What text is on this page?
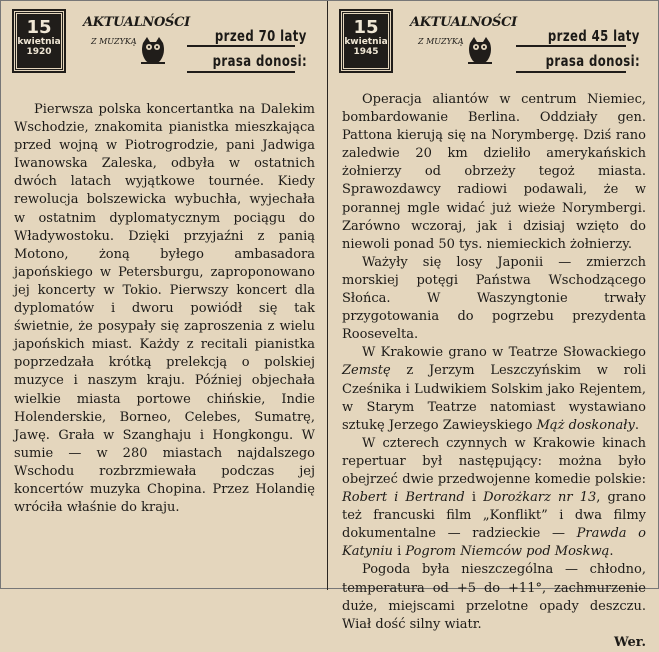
15
kwietnia
1920
AKTUALNOŚCI
Z MUZYKĄ	przed 70 laty
prasa donosi:

Pierwsza polska koncertantka na Dalekim Wschodzie, znakomita pianistka mieszkająca przed wojną w Piotrogrodzie, pani Jadwiga Iwanowska Zaleska, odbyła w ostatnich dwóch latach wyjątkowe tournée. Kiedy rewolucja bolszewicka wybuchła, wyjechała w ostatnim dyplomatycznym pociągu do Władywostoku. Dzięki przyjaźni z panią Motono, żoną byłego ambasadora japońskiego w Petersburgu, zaproponowano jej koncerty w Tokio. Pierwszy koncert dla dyplomatów i dworu powiódł się tak świetnie, że posypały się zaproszenia z wielu japońskich miast. Każdy z recitali pianistka poprzedzała krótką prelekcją o polskiej muzyce i naszym kraju. Później objechała wielkie miasta portowe chińskie, Indie Holenderskie, Borneo, Celebes, Sumatrę, Jawę. Grała w Szanghaju i Hongkongu. W sumie — w 280 miastach najdalszego Wschodu rozbrzmiewała podczas jej koncertów muzyka Chopina. Przez Holandię wróciła właśnie do kraju.

15
kwietnia
1945
AKTUALNOŚCI
Z MUZYKĄ	przed 45 laty
prasa donosi:

Operacja aliantów w centrum Niemiec, bombardowanie Berlina. Oddziały gen. Pattona kierują się na Norymbergę. Dziś rano zaledwie 20 km dzieliło amerykańskich żołnierzy od obrzeży tegoż miasta. Sprawozdawcy radiowi podawali, że w porannej mgle widać już wieże Norymbergi. Zarówno wczoraj, jak i dzisiaj wzięto do niewoli ponad 50 tys. niemieckich żołnierzy.

Ważyły się losy Japonii — zmierzch morskiej potęgi Państwa Wschodzącego Słońca. W Waszyngtonie trwały przygotowania do pogrzebu prezydenta Roosevelta.

W Krakowie grano w Teatrze Słowackiego Zemstę z Jerzym Leszczyńskim w roli Cześnika i Ludwikiem Solskim jako Rejentem, w Starym Teatrze natomiast wystawiano sztukę Jerzego Zawieyskiego Mąż doskonały.

W czterech czynnych w Krakowie kinach repertuar był następujący: można było obejrzeć dwie przedwojenne komedie polskie: Robert i Bertrand i Dorożkarz nr 13, grano też francuski film „Konflikt” i dwa filmy dokumentalne — radzieckie — Prawda o Katyniu i Pogrom Niemców pod Moskwą.

Pogoda była nieszczególna — chłodno, temperatura od +5 do +11°, zachmurzenie duże, miejscami przelotne opady deszczu. Wiał dość silny wiatr.

Wer.
